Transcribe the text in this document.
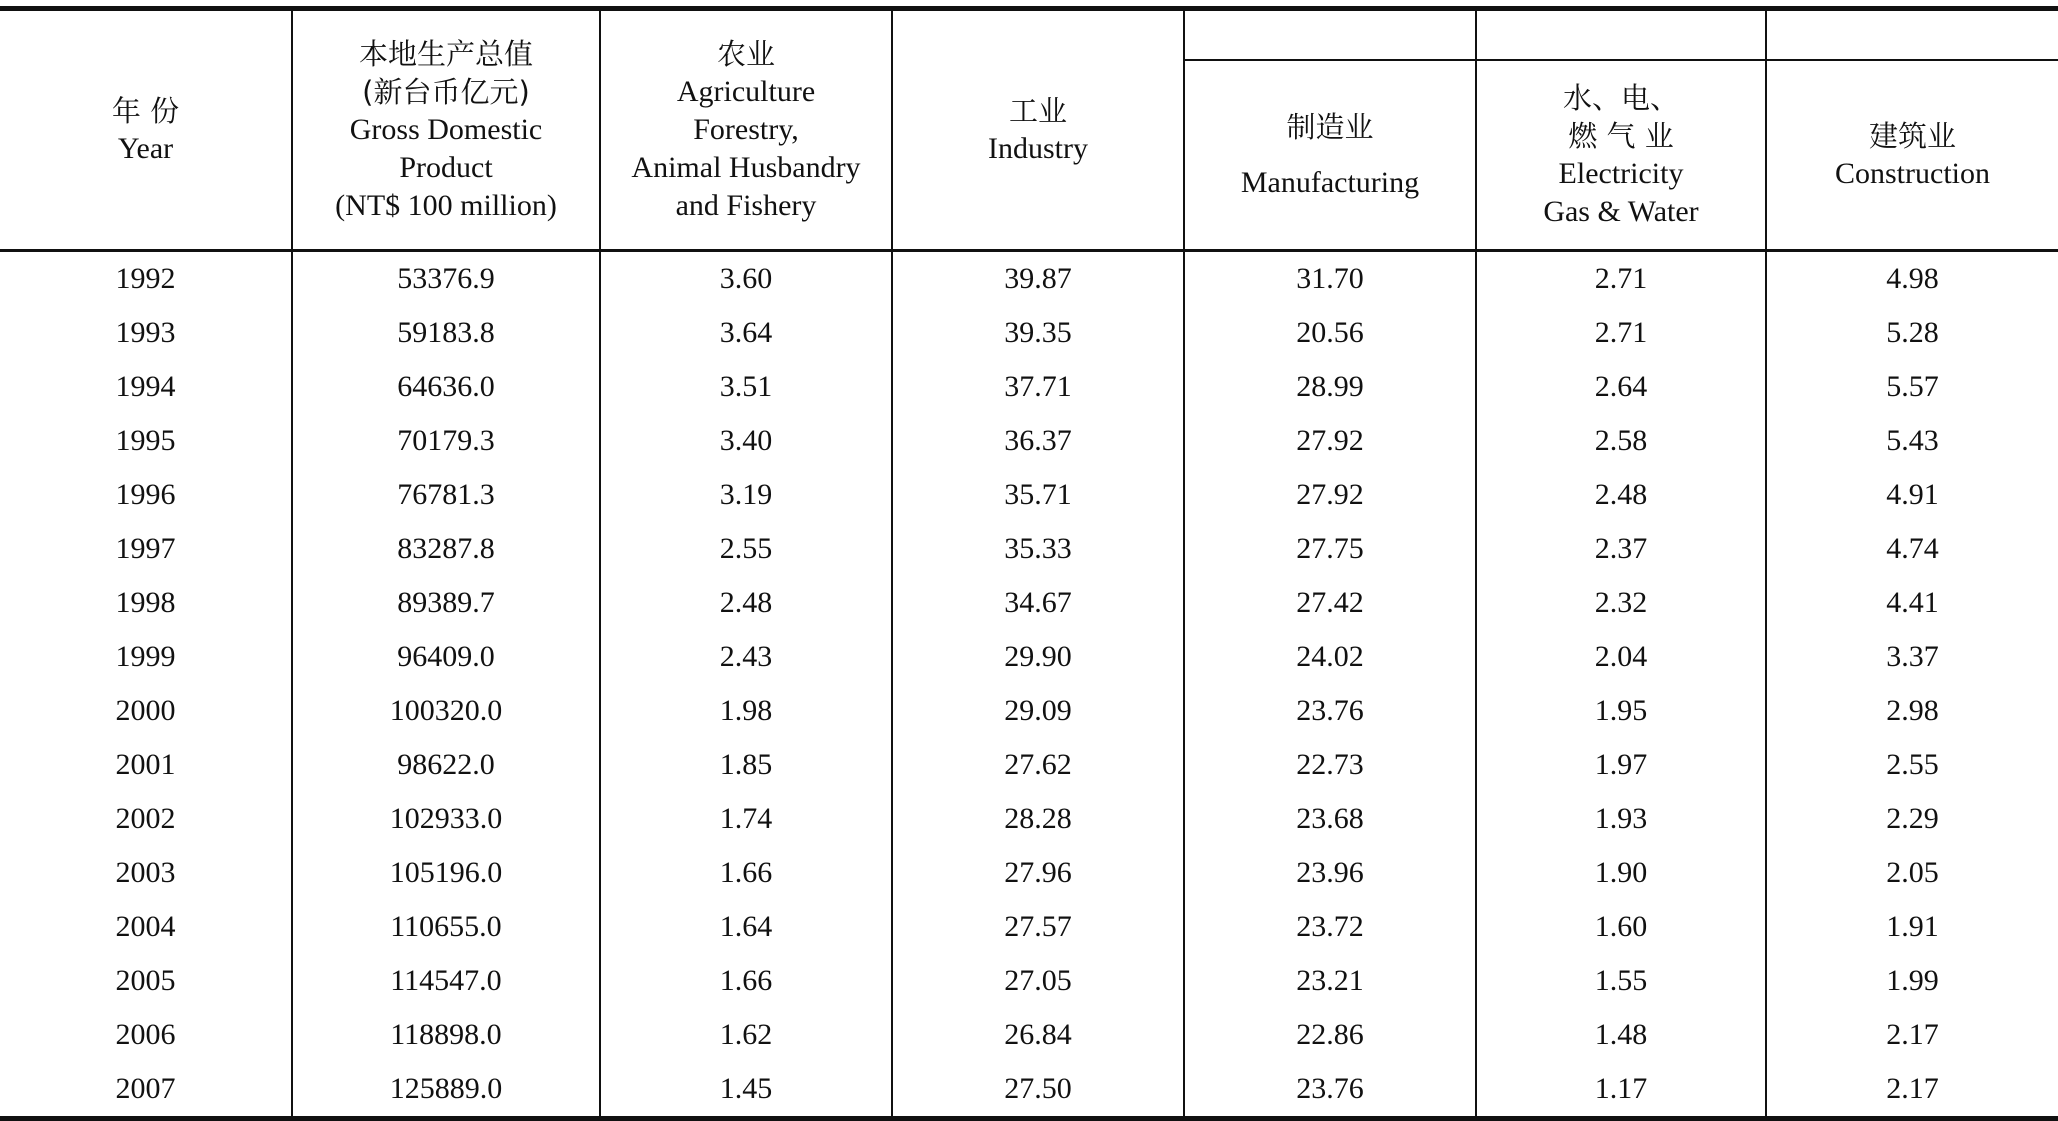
年 份
Year	本地生产总值
(新台币亿元)
Gross Domestic
Product
(NT$ 100 million)	农业
Agriculture
Forestry,
Animal Husbandry
and Fishery	工业
Industry	制造业
Manufacturing	水、电、
燃 气 业
Electricity
Gas & Water	建筑业
Construction

1992	53376.9	3.60	39.87	31.70	2.71	4.98
1993	59183.8	3.64	39.35	20.56	2.71	5.28
1994	64636.0	3.51	37.71	28.99	2.64	5.57
1995	70179.3	3.40	36.37	27.92	2.58	5.43
1996	76781.3	3.19	35.71	27.92	2.48	4.91
1997	83287.8	2.55	35.33	27.75	2.37	4.74
1998	89389.7	2.48	34.67	27.42	2.32	4.41
1999	96409.0	2.43	29.90	24.02	2.04	3.37
2000	100320.0	1.98	29.09	23.76	1.95	2.98
2001	98622.0	1.85	27.62	22.73	1.97	2.55
2002	102933.0	1.74	28.28	23.68	1.93	2.29
2003	105196.0	1.66	27.96	23.96	1.90	2.05
2004	110655.0	1.64	27.57	23.72	1.60	1.91
2005	114547.0	1.66	27.05	23.21	1.55	1.99
2006	118898.0	1.62	26.84	22.86	1.48	2.17
2007	125889.0	1.45	27.50	23.76	1.17	2.17
